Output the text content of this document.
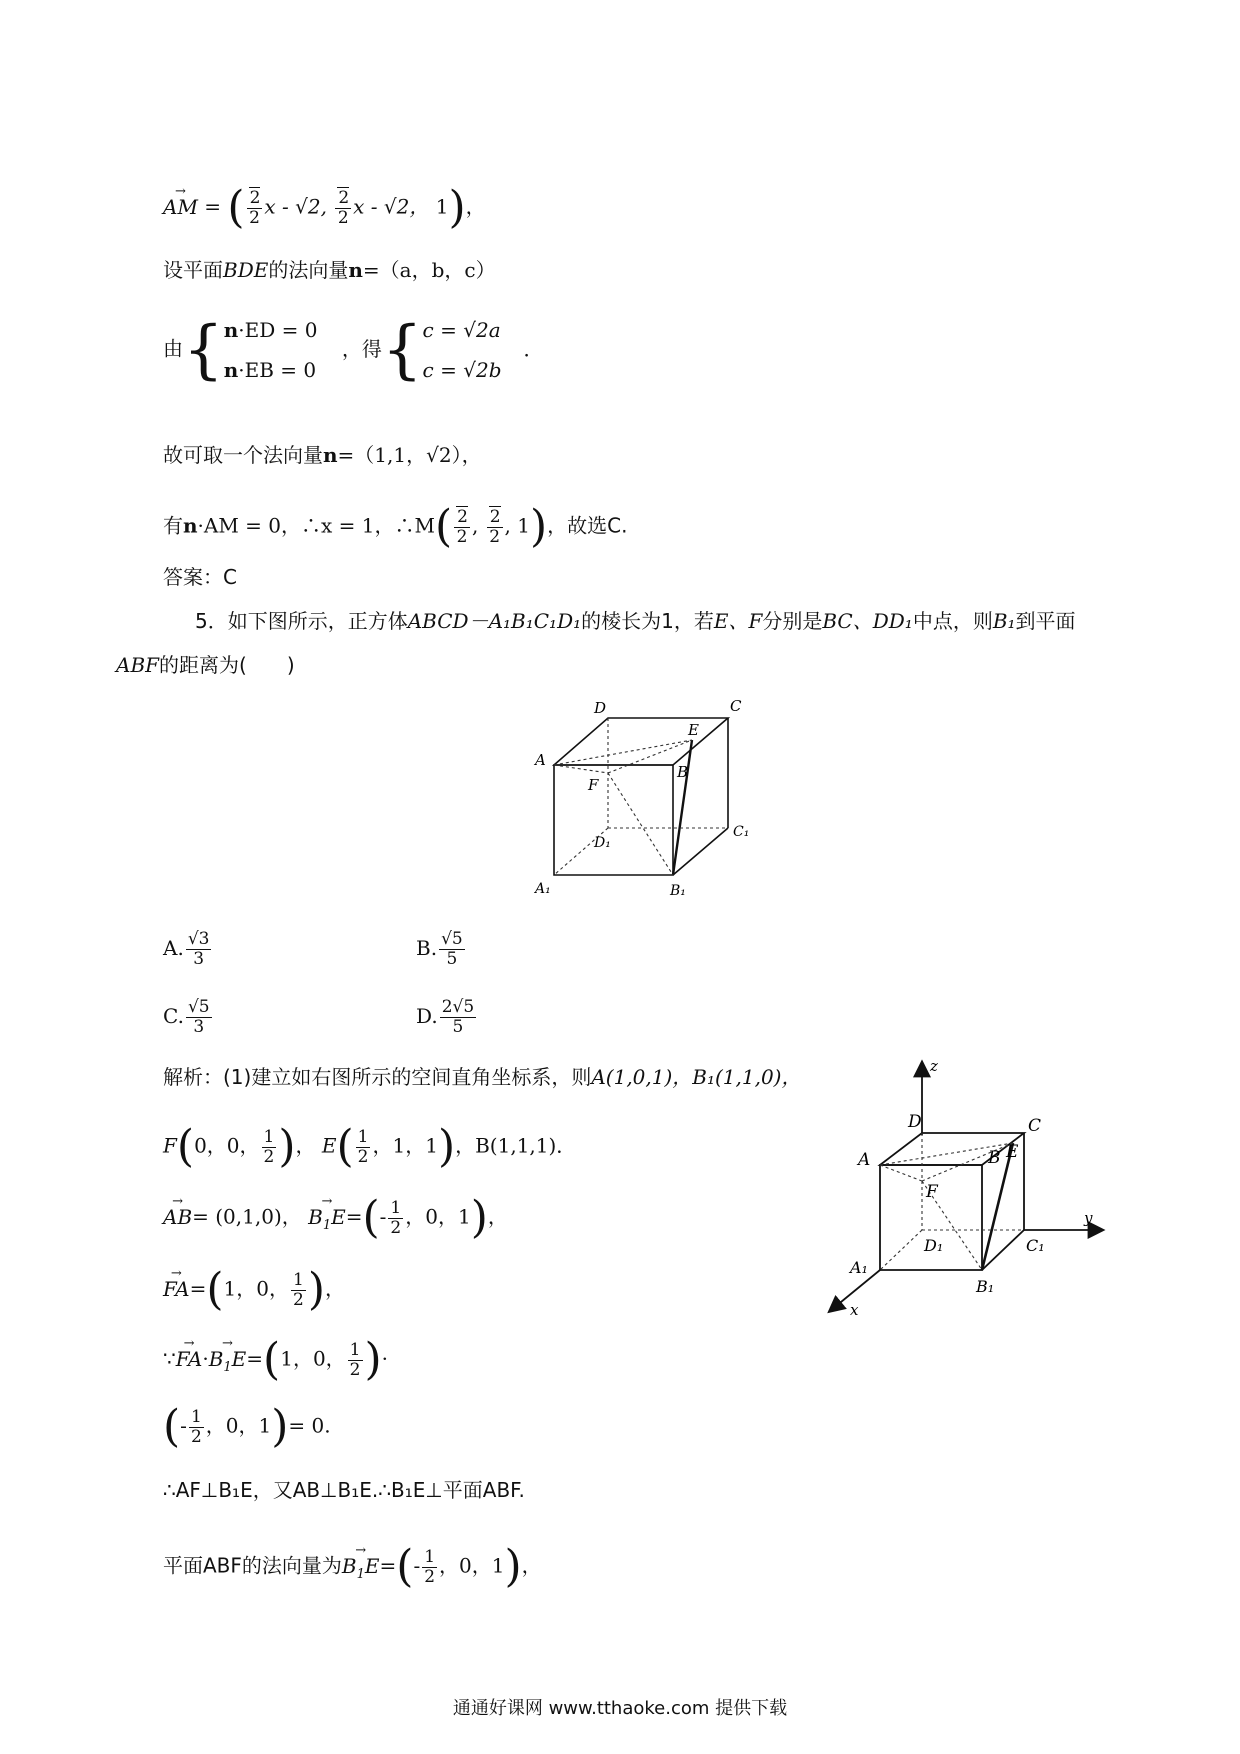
→ AM = ( $\frac{2}{2}$ x - √2, $\frac{2}{2}$ x - √2， 1)，
设平面BDE的法向量n=（a，b，c）
由{ n·ED = 0
n·EB = 0
，得{ c = √2a
c = √2b
．
故可取一个法向量n=（1,1，√2），
有n·AM = 0，∴x = 1，∴M( $\frac{2}{2}$ , $\frac{2}{2}$ , 1)，故选C.
答案：C
5．如下图所示，正方体ABCD－A₁B₁C₁D₁的棱长为1，若E、F分别是BC、DD₁中点，则B₁到平面
ABF的距离为(　　)
D	C
E
A
B
F
D₁
C₁
A₁	B₁
A. $\frac{√3}{3}$	B. $\frac{√5}{5}$
C. $\frac{√5}{3}$	D. $\frac{2√5}{5}$
解析：(1)建立如右图所示的空间直角坐标系，则A(1,0,1)，B₁(1,1,0)，
F(0，0， $\frac{1}{2}$ )， $E( \frac{1}{2}$ ，1，1)，B(1,1,1)．
→ AB= (0,1,0)， → $B_1E=(- \frac{1}{2}$ ，0，1)，
→ FA=(1，0， $\frac{1}{2}$ )，
∵→ $FA\cdot\to B_1E=(1$，0， $\frac{1}{2}$ )·
(- $\frac{1}{2}$ ，0，1)= 0.
∴AF⊥B₁E，又AB⊥B₁E.∴B₁E⊥平面ABF.
平面ABF的法向量为→ $B_1E=(- \frac{1}{2}$ ，0，1)，
z
D	C
A	B E
F
y
D₁	C₁
A₁
B₁
x
通通好课网 www.tthaoke.com 提供下载
